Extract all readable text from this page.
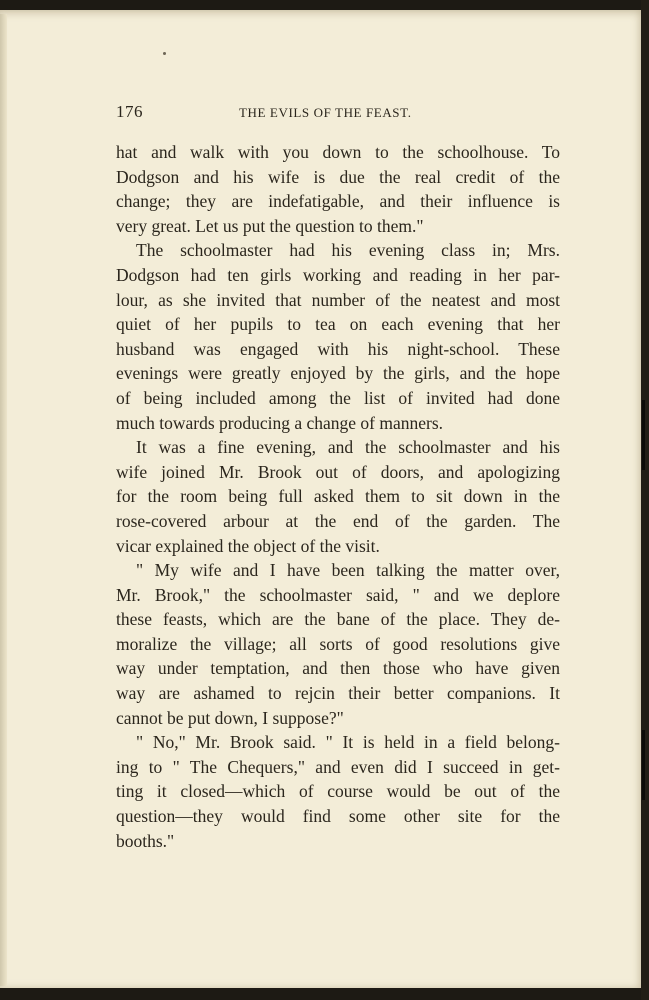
176	THE EVILS OF THE FEAST.
hat and walk with you down to the schoolhouse. To
Dodgson and his wife is due the real credit of the
change; they are indefatigable, and their influence is
very great. Let us put the question to them."
The schoolmaster had his evening class in; Mrs.
Dodgson had ten girls working and reading in her par-
lour, as she invited that number of the neatest and most
quiet of her pupils to tea on each evening that her
husband was engaged with his night-school. These
evenings were greatly enjoyed by the girls, and the hope
of being included among the list of invited had done
much towards producing a change of manners.
It was a fine evening, and the schoolmaster and his
wife joined Mr. Brook out of doors, and apologizing
for the room being full asked them to sit down in the
rose-covered arbour at the end of the garden. The
vicar explained the object of the visit.
" My wife and I have been talking the matter over,
Mr. Brook," the schoolmaster said, " and we deplore
these feasts, which are the bane of the place. They de-
moralize the village; all sorts of good resolutions give
way under temptation, and then those who have given
way are ashamed to rejcin their better companions. It
cannot be put down, I suppose?"
" No," Mr. Brook said. " It is held in a field belong-
ing to " The Chequers," and even did I succeed in get-
ting it closed—which of course would be out of the
question—they would find some other site for the
booths."
